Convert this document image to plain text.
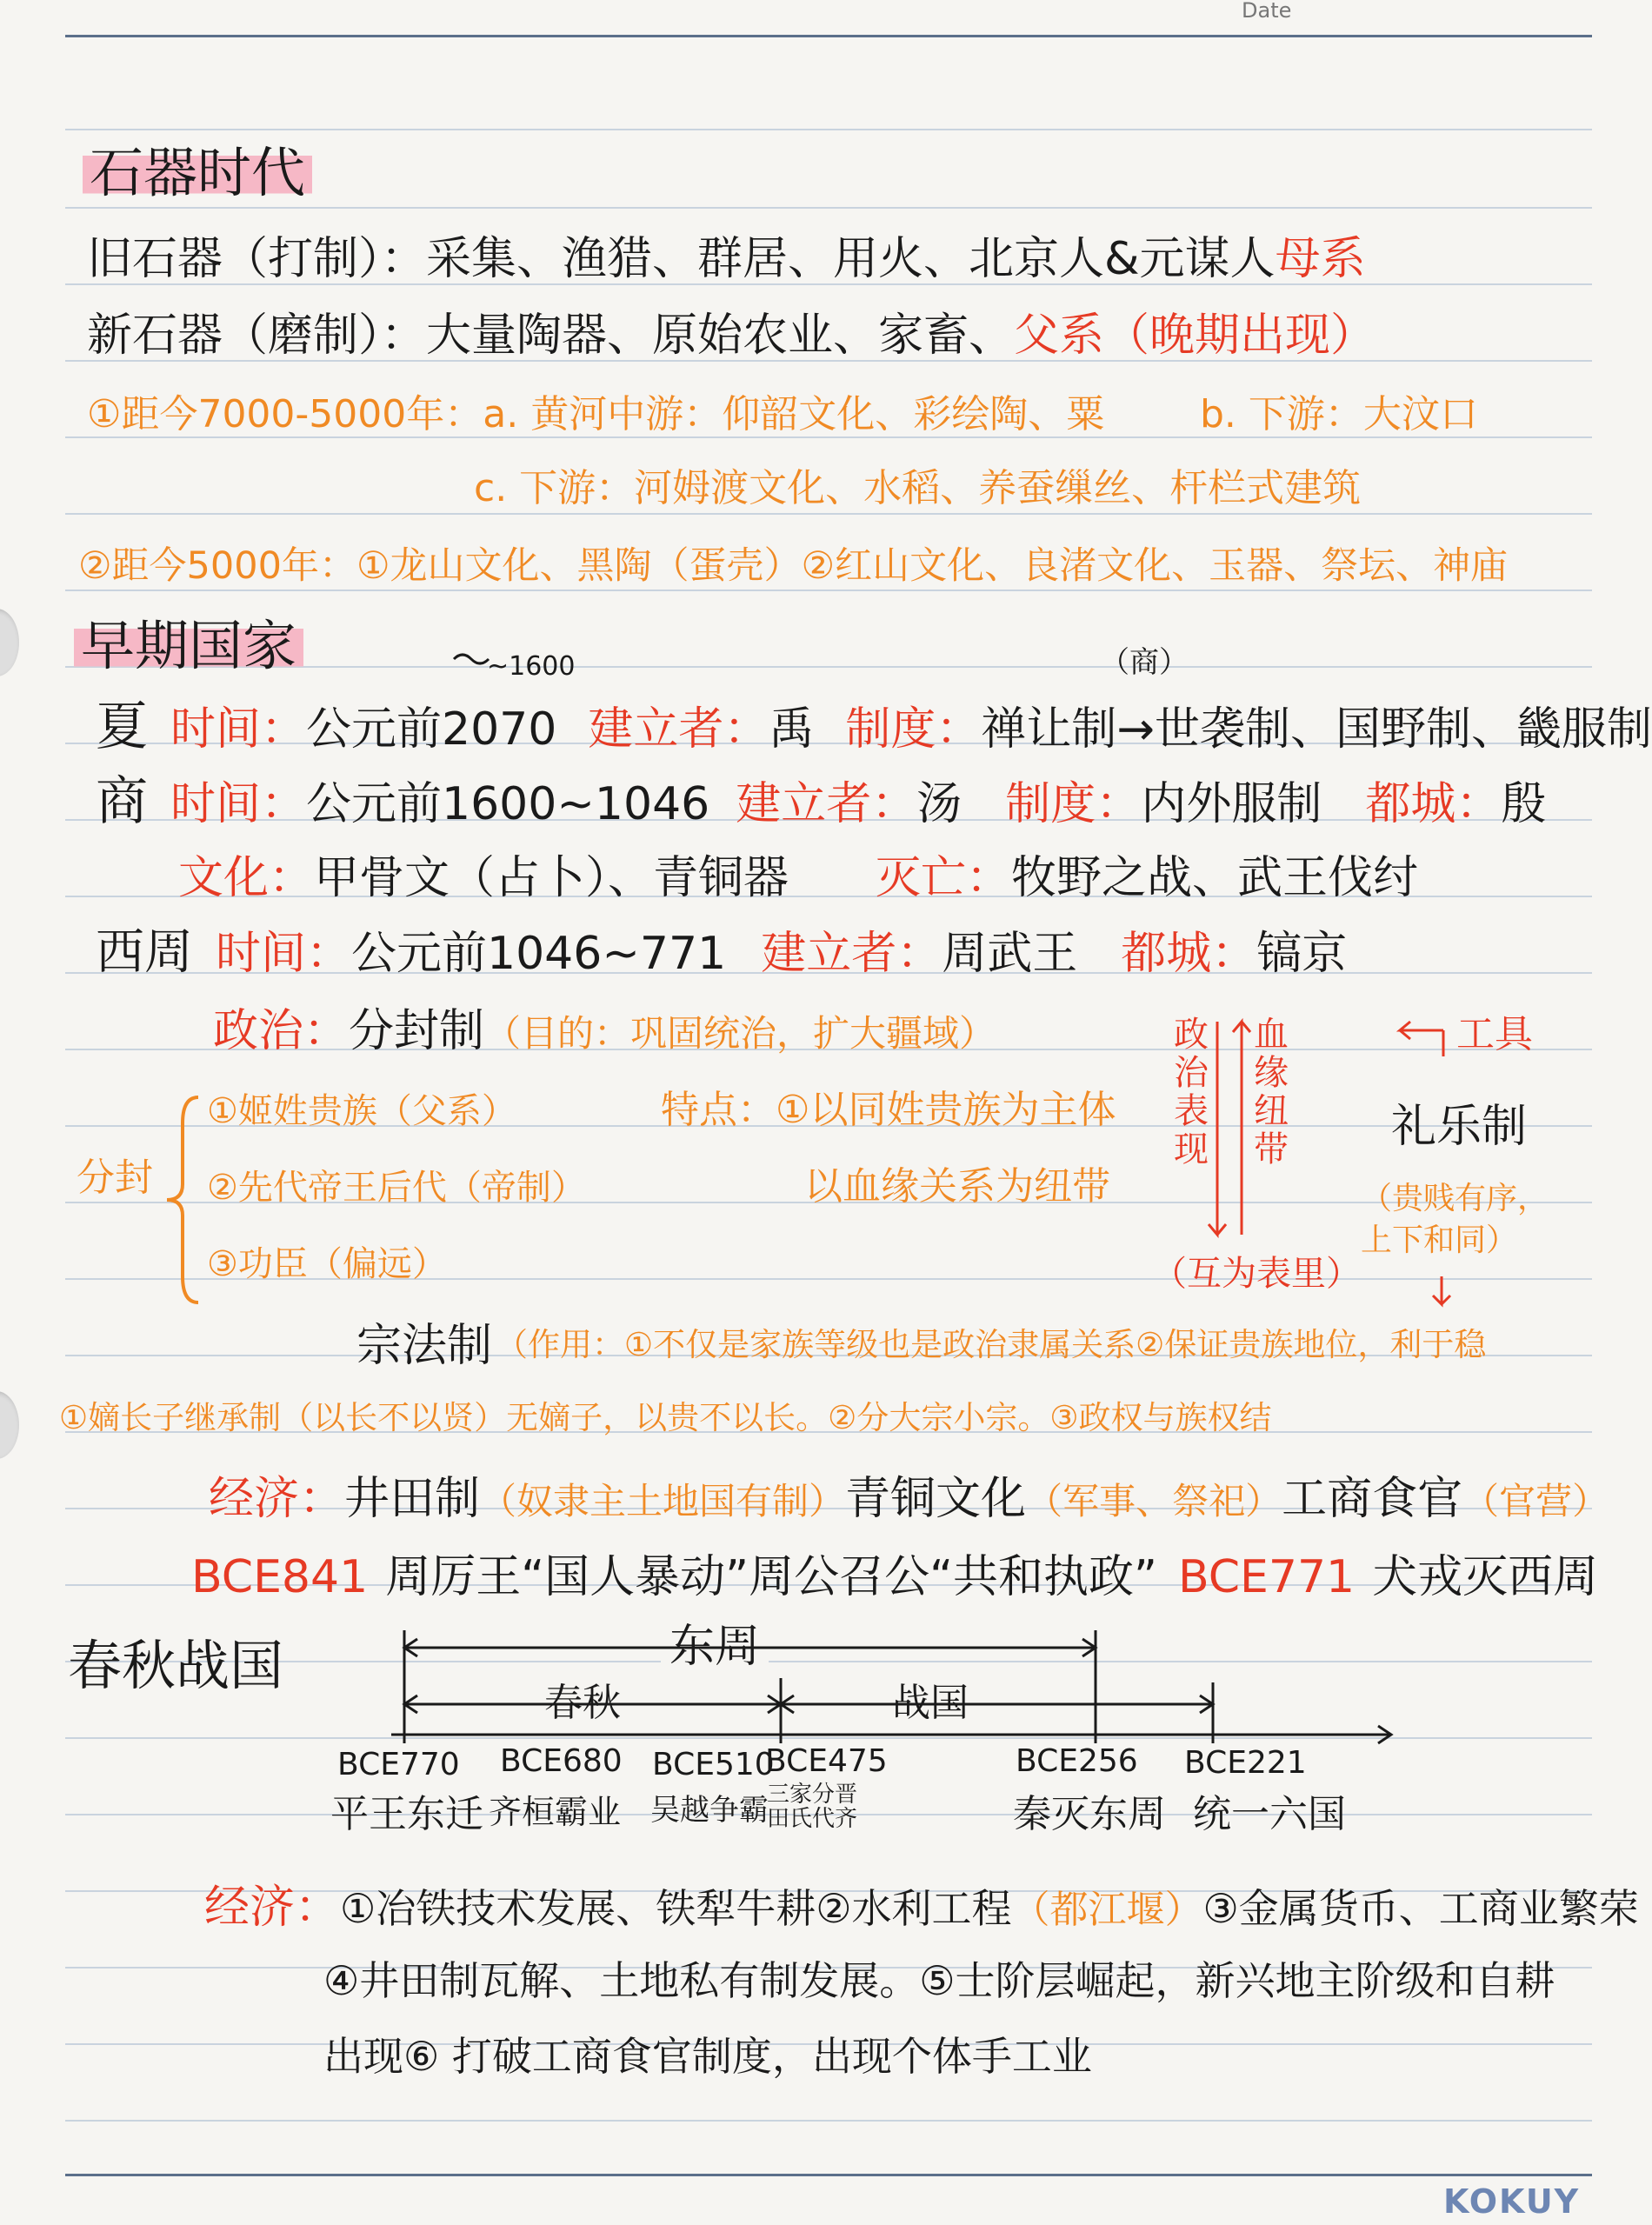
Date
KOKUY
石器时代
旧石器（打制）：采集、渔猎、群居、用火、北京人&元谋人母系
新石器（磨制）：大量陶器、原始农业、家畜、父系（晚期出现）
①距今7000-5000年：a. 黄河中游：仰韶文化、彩绘陶、粟 b. 下游：大汶口
c. 下游：河姆渡文化、水稻、养蚕缫丝、杆栏式建筑
②距今5000年：①龙山文化、黑陶（蛋壳）②红山文化、良渚文化、玉器、祭坛、神庙
早期国家	~1600	（商）
夏 时间：公元前2070 建立者：禹 制度：禅让制→世袭制、国野制、畿服制
商 时间：公元前1600~1046 建立者：汤 制度：内外服制 都城：殷
文化：甲骨文（占卜）、青铜器 灭亡：牧野之战、武王伐纣
西周 时间：公元前1046~771 建立者：周武王 都城：镐京
政治：分封制（目的：巩固统治，扩大疆域）
分封
①姬姓贵族（父系）
②先代帝王后代（帝制）
③功臣（偏远）
特点：①以同姓贵族为主体
以血缘关系为纽带
政治表现
血缘纽带
（互为表里）
工具
礼乐制
（贵贱有序，上下和同）
宗法制 （作用：①不仅是家族等级也是政治隶属关系②保证贵族地位，利于稳
①嫡长子继承制（以长不以贤）无嫡子，以贵不以长。②分大宗小宗。③政权与族权结
经济：井田制（奴隶主土地国有制）青铜文化（军事、祭祀）工商食官（官营）
BCE841 周厉王“国人暴动”周公召公“共和执政” BCE771 犬戎灭西周
春秋战国	东周
春秋	战国
BCE770 BCE680 BCE510
BCE475	BCE256 BCE221
平王东迁 齐桓霸业 吴越争霸
三家分晋 田氏代齐	秦灭东周 统一六国
经济：①冶铁技术发展、铁犁牛耕②水利工程（都江堰）③金属货币、工商业繁荣
④井田制瓦解、土地私有制发展。⑤士阶层崛起，新兴地主阶级和自耕
出现⑥ 打破工商食官制度，出现个体手工业
